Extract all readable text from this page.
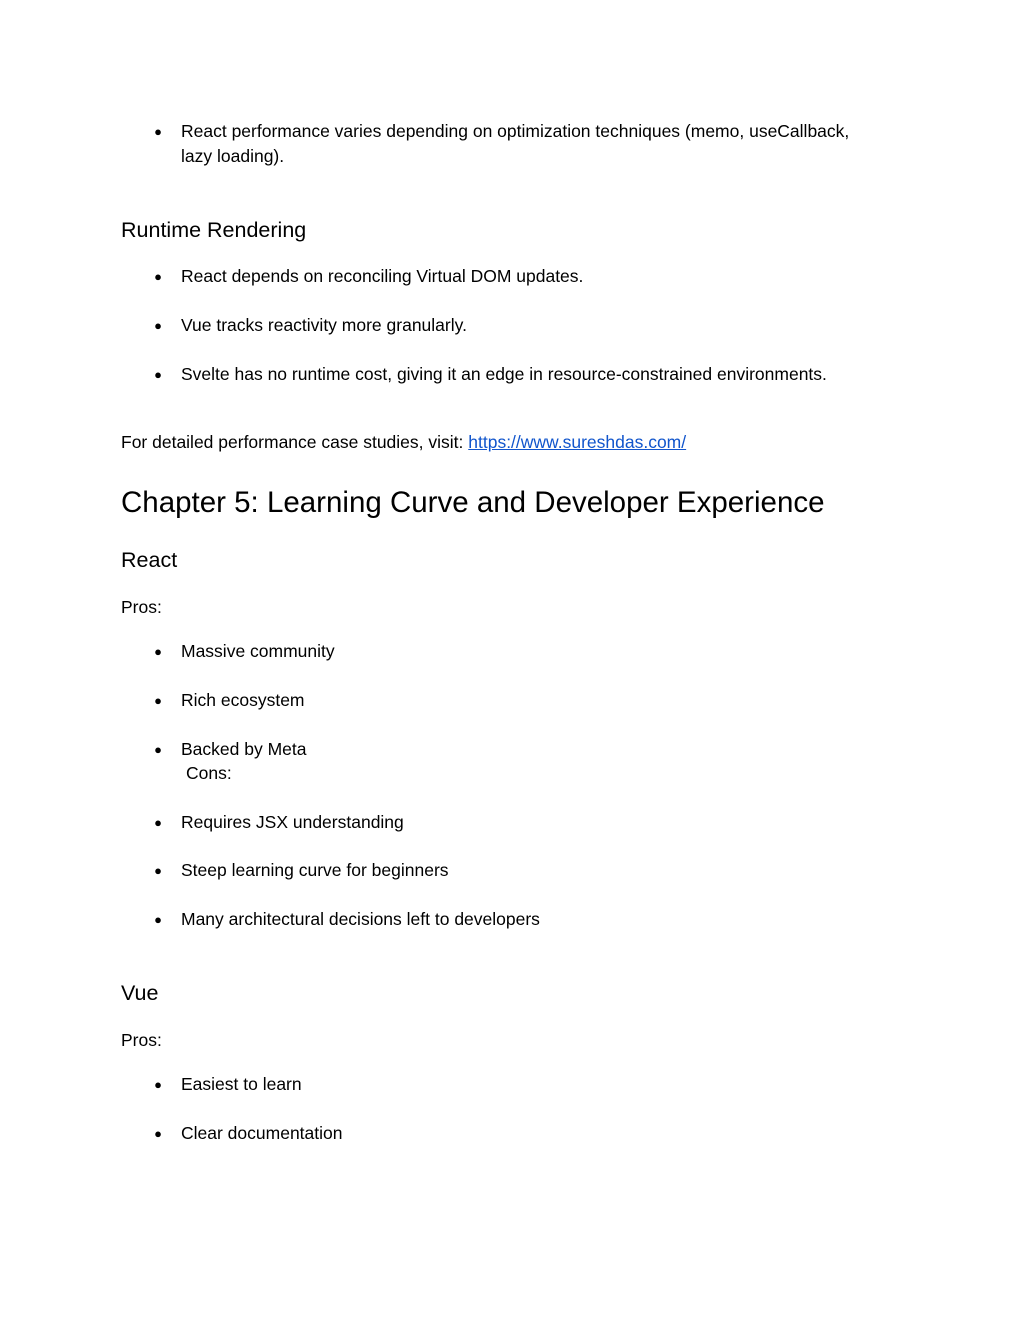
● React performance varies depending on optimization techniques (memo, useCallback,
lazy loading).
Runtime Rendering
● React depends on reconciling Virtual DOM updates.
● Vue tracks reactivity more granularly.
● Svelte has no runtime cost, giving it an edge in resource-constrained environments.
For detailed performance case studies, visit: https://www.sureshdas.com/
Chapter 5: Learning Curve and Developer Experience
React
Pros:
● Massive community
● Rich ecosystem
● Backed by Meta
Cons:
● Requires JSX understanding
● Steep learning curve for beginners
● Many architectural decisions left to developers
Vue
Pros:
● Easiest to learn
● Clear documentation
